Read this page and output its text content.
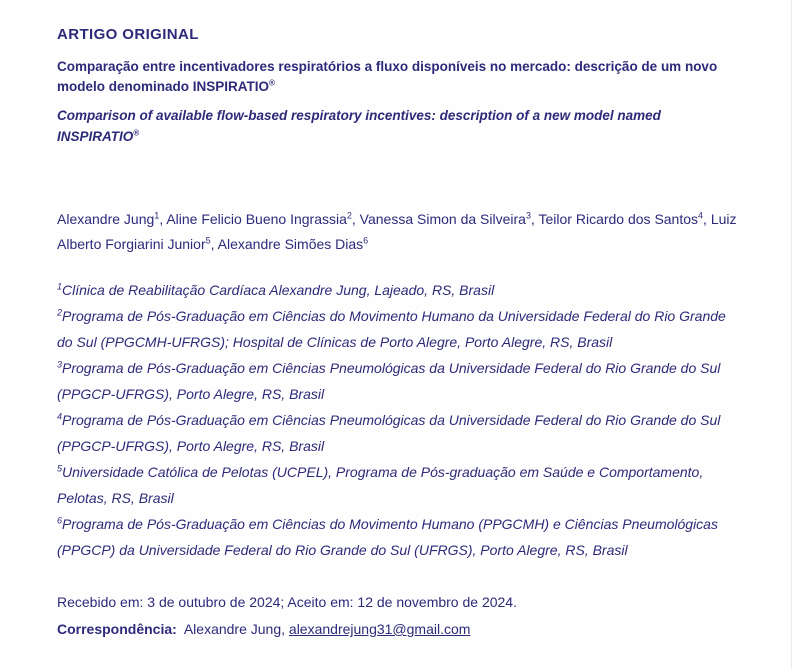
ARTIGO ORIGINAL
Comparação entre incentivadores respiratórios a fluxo disponíveis no mercado: descrição de um novo modelo denominado INSPIRATIO®
Comparison of available flow-based respiratory incentives: description of a new model named INSPIRATIO®
Alexandre Jung$^1$, Aline Felicio Bueno Ingrassia$^2$, Vanessa Simon da Silveira$^3$, Teilor Ricardo dos Santos$^4$, Luiz Alberto Forgiarini Junior$^5$, Alexandre Simões Dias$^6$

$^1$Clínica de Reabilitação Cardíaca Alexandre Jung, Lajeado, RS, Brasil

$^2$Programa de Pós-Graduação em Ciências do Movimento Humano da Universidade Federal do Rio Grande do Sul (PPGCMH-UFRGS); Hospital de Clínicas de Porto Alegre, Porto Alegre, RS, Brasil

$^3$Programa de Pós-Graduação em Ciências Pneumológicas da Universidade Federal do Rio Grande do Sul (PPGCP-UFRGS), Porto Alegre, RS, Brasil

$^4$Programa de Pós-Graduação em Ciências Pneumológicas da Universidade Federal do Rio Grande do Sul (PPGCP-UFRGS), Porto Alegre, RS, Brasil

$^5$Universidade Católica de Pelotas (UCPEL), Programa de Pós-graduação em Saúde e Comportamento, Pelotas, RS, Brasil

$^6$Programa de Pós-Graduação em Ciências do Movimento Humano (PPGCMH) e Ciências Pneumológicas (PPGCP) da Universidade Federal do Rio Grande do Sul (UFRGS), Porto Alegre, RS, Brasil

Recebido em: 3 de outubro de 2024; Aceito em: 12 de novembro de 2024.
Correspondência: Alexandre Jung, alexandrejung31@gmail.com
